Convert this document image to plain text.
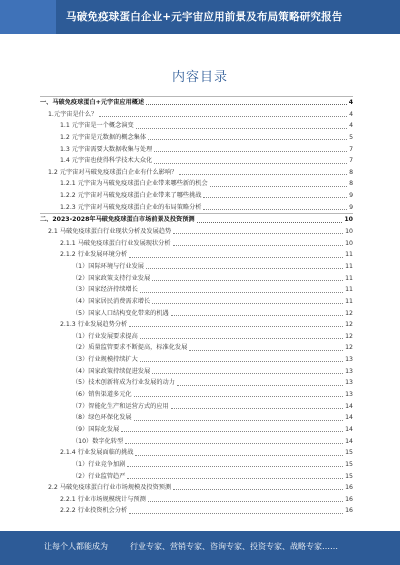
马破免疫球蛋白企业+元宇宙应用前景及布局策略研究报告
内容目录
一、马破免疫球蛋白+元宇宙应用概述	4
1.元宇宙是什么？	4
1.1 元宇宙是一个概念演变	4
1.2 元宇宙是元数据的概念集体	5
1.3 元宇宙需要大数据收集与处理	7
1.4 元宇宙也使得科学技术大众化	7
1.2 元宇宙对马破免疫球蛋白企业有什么影响？	8
1.2.1 元宇宙为马破免疫球蛋白企业带来哪些新的机会	8
1.2.2 元宇宙对马破免疫球蛋白企业带来了哪些挑战	9
1.2.3 元宇宙对马破免疫球蛋白企业的布局策略分析	9
二、2023-2028年马破免疫球蛋白市场前景及投资预测	10
2.1 马破免疫球蛋白行业现状分析及发展趋势	10
2.1.1 马破免疫球蛋白行业发展现状分析	10
2.1.2 行业发展环境分析	11
（1）国际环境与行业发展	11
（2）国家政策支持行业发展	11
（3）国家经济持续增长	11
（4）国家居民消费需求增长	11
（5）国家人口结构变化带来的机遇	12
2.1.3 行业发展趋势分析	12
（1）行业发展要求提高	12
（2）质量监管要求不断提高，标准化发展	12
（3）行业规模持续扩大	13
（4）国家政策持续促进发展	13
（5）技术创新将成为行业发展的动力	13
（6）销售渠道多元化	13
（7）智能化生产和运营方式的应用	14
（8）绿色环保化发展	14
（9）国际化发展	14
（10）数字化转型	14
2.1.4 行业发展面临的挑战	15
（1）行业竞争加剧	15
（2）行业监管趋严	15
2.2 马破免疫球蛋白行业市场规模及投资预测	16
2.2.1 行业市场规模统计与预测	16
2.2.2 行业投资机会分析	16
让每个人都能成为	行业专家、营销专家、咨询专家、投资专家、战略专家……
